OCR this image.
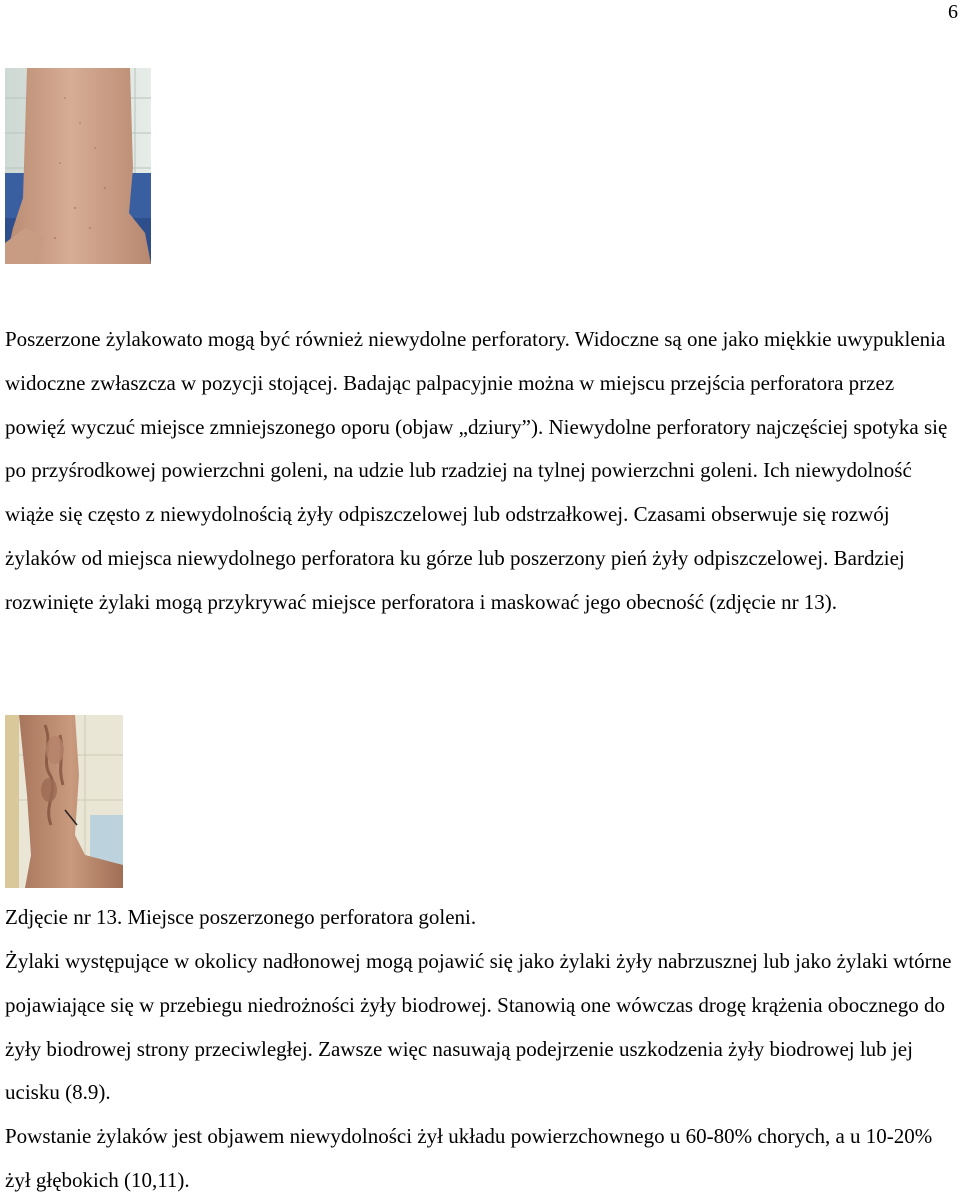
6

Poszerzone żylakowato mogą być również niewydolne perforatory. Widoczne są one jako miękkie uwypuklenia widoczne zwłaszcza w pozycji stojącej. Badając palpacyjnie można w miejscu przejścia perforatora przez powięź wyczuć miejsce zmniejszonego oporu (objaw „dziury”). Niewydolne perforatory najczęściej spotyka się po przyśrodkowej powierzchni goleni, na udzie lub rzadziej na tylnej powierzchni goleni. Ich niewydolność wiąże się często z niewydolnością żyły odpiszczelowej lub odstrzałkowej. Czasami obserwuje się rozwój żylaków od miejsca niewydolnego perforatora ku górze lub poszerzony pień żyły odpiszczelowej. Bardziej rozwinięte żylaki mogą przykrywać miejsce perforatora i maskować jego obecność (zdjęcie nr 13).

Zdjęcie nr 13. Miejsce poszerzonego perforatora goleni.

Żylaki występujące w okolicy nadłonowej mogą pojawić się jako żylaki żyły nabrzusznej lub jako żylaki wtórne pojawiające się w przebiegu niedrożności żyły biodrowej. Stanowią one wówczas drogę krążenia obocznego do żyły biodrowej strony przeciwległej. Zawsze więc nasuwają podejrzenie uszkodzenia żyły biodrowej lub jej ucisku (8.9).

Powstanie żylaków jest objawem niewydolności żył układu powierzchownego u 60-80% chorych, a u 10-20% żył głębokich (10,11).
